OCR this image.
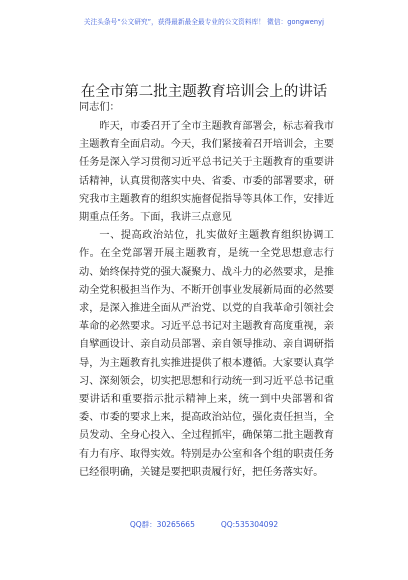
关注头条号“公文研究”，获得最新最全最专业的公文资料库！ 微信：gongwenyj
在全市第二批主题教育培训会上的讲话
同志们：

昨天，市委召开了全市主题教育部署会，标志着我市主题教育全面启动。今天，我们紧接着召开培训会，主要任务是深入学习贯彻习近平总书记关于主题教育的重要讲话精神，认真贯彻落实中央、省委、市委的部署要求，研究我市主题教育的组织实施督促指导等具体工作，安排近期重点任务。下面，我讲三点意见

一、提高政治站位，扎实做好主题教育组织协调工作。在全党部署开展主题教育，是统一全党思想意志行动、始终保持党的强大凝聚力、战斗力的必然要求，是推动全党积极担当作为、不断开创事业发展新局面的必然要求，是深入推进全面从严治党、以党的自我革命引领社会革命的必然要求。习近平总书记对主题教育高度重视，亲自擘画设计、亲自动员部署、亲自领导推动、亲自调研指导，为主题教育扎实推进提供了根本遵循。大家要认真学习、深刻领会，切实把思想和行动统一到习近平总书记重要讲话和重要指示批示精神上来，统一到中央部署和省委、市委的要求上来，提高政治站位，强化责任担当，全员发动、全身心投入、全过程抓牢，确保第二批主题教育有力有序、取得实效。特别是办公室和各个组的职责任务已经很明确，关键是要把职责履行好，把任务落实好。

QQ群：30265665	QQ:535304092
